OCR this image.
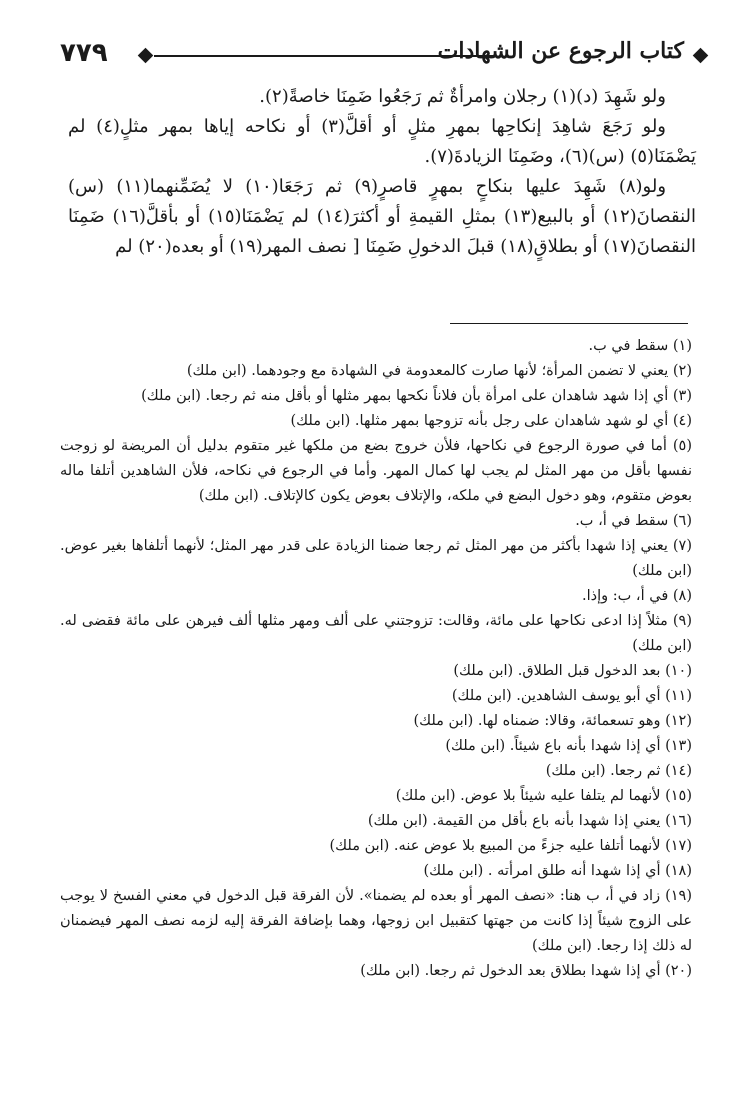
٧٧٩	كتاب الرجوع عن الشهادات

ولو شَهِدَ (د)(١) رجلان وامرأةٌ ثم رَجَعُوا ضَمِنَا خاصةً(٢).

ولو رَجَعَ شاهِدَ إنكاحِها بمهرِ مثلٍ أو أقلَّ(٣) أو نكاحه إياها بمهر مثلٍ(٤) لم يَضْمَنَا(٥) (س)(٦)، وضَمِنَا الزيادةَ(٧).

ولو(٨) شَهِدَ عليها بنكاحٍ بمهرٍ قاصرٍ(٩) ثم رَجَعَا(١٠) لا يُضَمِّنهما(١١) (س) النقصانَ(١٢) أو بالبيع(١٣) بمثلِ القيمةِ أو أكثرَ(١٤) لم يَضْمَنَا(١٥) أو بأقلَّ(١٦) ضَمِنَا النقصانَ(١٧) أو بطلاقٍ(١٨) قبلَ الدخولِ ضَمِنَا [ نصف المهر(١٩) أو بعده(٢٠) لم

(١) سقط في ب.

(٢) يعني لا تضمن المرأة؛ لأنها صارت كالمعدومة في الشهادة مع وجودهما. (ابن ملك)

(٣) أي إذا شهد شاهدان على امرأة بأن فلاناً نكحها بمهر مثلها أو بأقل منه ثم رجعا. (ابن ملك)

(٤) أي لو شهد شاهدان على رجل بأنه تزوجها بمهر مثلها. (ابن ملك)

(٥) أما في صورة الرجوع في نكاحها، فلأن خروج بضع من ملكها غير متقوم بدليل أن المريضة لو زوجت نفسها بأقل من مهر المثل لم يجب لها كمال المهر. وأما في الرجوع في نكاحه، فلأن الشاهدين أتلفا ماله بعوض متقوم، وهو دخول البضع في ملكه، والإتلاف بعوض يكون كالإتلاف. (ابن ملك)

(٦) سقط في أ، ب.

(٧) يعني إذا شهدا بأكثر من مهر المثل ثم رجعا ضمنا الزيادة على قدر مهر المثل؛ لأنهما أتلفاها بغير عوض. (ابن ملك)

(٨) في أ، ب: وإذا.

(٩) مثلاً إذا ادعى نكاحها على مائة، وقالت: تزوجتني على ألف ومهر مثلها ألف فيرهن على مائة فقضى له. (ابن ملك)

(١٠) بعد الدخول قبل الطلاق. (ابن ملك)

(١١) أي أبو يوسف الشاهدين. (ابن ملك)

(١٢) وهو تسعمائة، وقالا: ضمناه لها. (ابن ملك)

(١٣) أي إذا شهدا بأنه باع شيئاً. (ابن ملك)

(١٤) ثم رجعا. (ابن ملك)

(١٥) لأنهما لم يتلفا عليه شيئاً بلا عوض. (ابن ملك)

(١٦) يعني إذا شهدا بأنه باع بأقل من القيمة. (ابن ملك)

(١٧) لأنهما أتلفا عليه جزءً من المبيع بلا عوض عنه. (ابن ملك)

(١٨) أي إذا شهدا أنه طلق امرأته . (ابن ملك)

(١٩) زاد في أ، ب هنا: «نصف المهر أو بعده لم يضمنا». لأن الفرقة قبل الدخول في معني الفسخ لا يوجب على الزوج شيئاً إذا كانت من جهتها كتقبيل ابن زوجها، وهما بإضافة الفرقة إليه لزمه نصف المهر فيضمنان له ذلك إذا رجعا. (ابن ملك)

(٢٠) أي إذا شهدا بطلاق بعد الدخول ثم رجعا. (ابن ملك)
